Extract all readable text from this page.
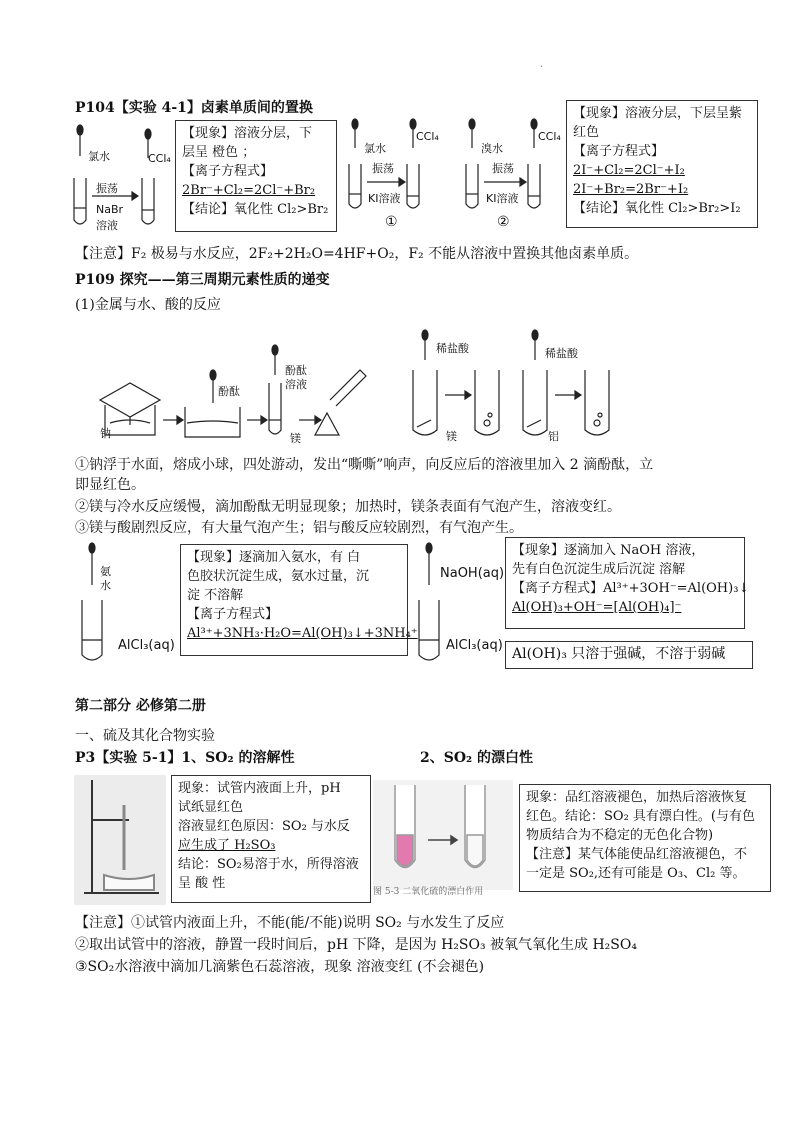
·
P104【实验 4-1】卤素单质间的置换
氯水	CCl₄
振荡
NaBr
溶液
【现象】溶液分层，下
层呈 橙色 ；
【离子方程式】
2Br⁻+Cl₂=2Cl⁻+Br₂
【结论】氧化性 Cl₂>Br₂
氯水
CCl₄
振荡
KI溶液
①
溴水
CCl₄
振荡
KI溶液
②
【现象】溶液分层，下层呈紫
红色
【离子方程式】
2I⁻+Cl₂=2Cl⁻+I₂
2I⁻+Br₂=2Br⁻+I₂
【结论】氧化性 Cl₂>Br₂>I₂
【注意】F₂ 极易与水反应，2F₂+2H₂O=4HF+O₂，F₂ 不能从溶液中置换其他卤素单质。
P109 探究——第三周期元素性质的递变
(1)金属与水、酸的反应
钠
酚酞
酚酞
溶液
镁
稀盐酸
镁
稀盐酸
铝
①钠浮于水面，熔成小球，四处游动，发出“嘶嘶”响声，向反应后的溶液里加入 2 滴酚酞，立
即显红色。
②镁与冷水反应缓慢，滴加酚酞无明显现象；加热时，镁条表面有气泡产生，溶液变红。
③镁与酸剧烈反应，有大量气泡产生；铝与酸反应较剧烈，有气泡产生。
氨
水
AlCl₃(aq)
【现象】逐滴加入氨水，有 白
色胶状沉淀生成，氨水过量，沉
淀 不溶解
【离子方程式】
Al³⁺+3NH₃·H₂O=Al(OH)₃↓+3NH₄⁺
NaOH(aq)
AlCl₃(aq)
【现象】逐滴加入 NaOH 溶液，
先有白色沉淀生成后沉淀 溶解
【离子方程式】Al³⁺+3OH⁻=Al(OH)₃↓
Al(OH)₃+OH⁻=[Al(OH)₄]⁻
Al(OH)₃ 只溶于强碱，不溶于弱碱
第二部分 必修第二册
一、硫及其化合物实验
P3【实验 5-1】1、SO₂ 的溶解性	2、SO₂ 的漂白性
现象：试管内液面上升，pH
试纸显红色
溶液显红色原因：SO₂ 与水反
应生成了 H₂SO₃
结论：SO₂易溶于水，所得溶液
呈 酸 性
图 5-3 二氧化硫的漂白作用
现象：品红溶液褪色，加热后溶液恢复
红色。结论：SO₂ 具有漂白性。(与有色
物质结合为不稳定的无色化合物)
【注意】某气体能使品红溶液褪色，不
一定是 SO₂,还有可能是 O₃、Cl₂ 等。
【注意】①试管内液面上升，不能(能/不能)说明 SO₂ 与水发生了反应
②取出试管中的溶液，静置一段时间后，pH 下降，是因为 H₂SO₃ 被氧气氧化生成 H₂SO₄
③SO₂水溶液中滴加几滴紫色石蕊溶液，现象 溶液变红 (不会褪色)
